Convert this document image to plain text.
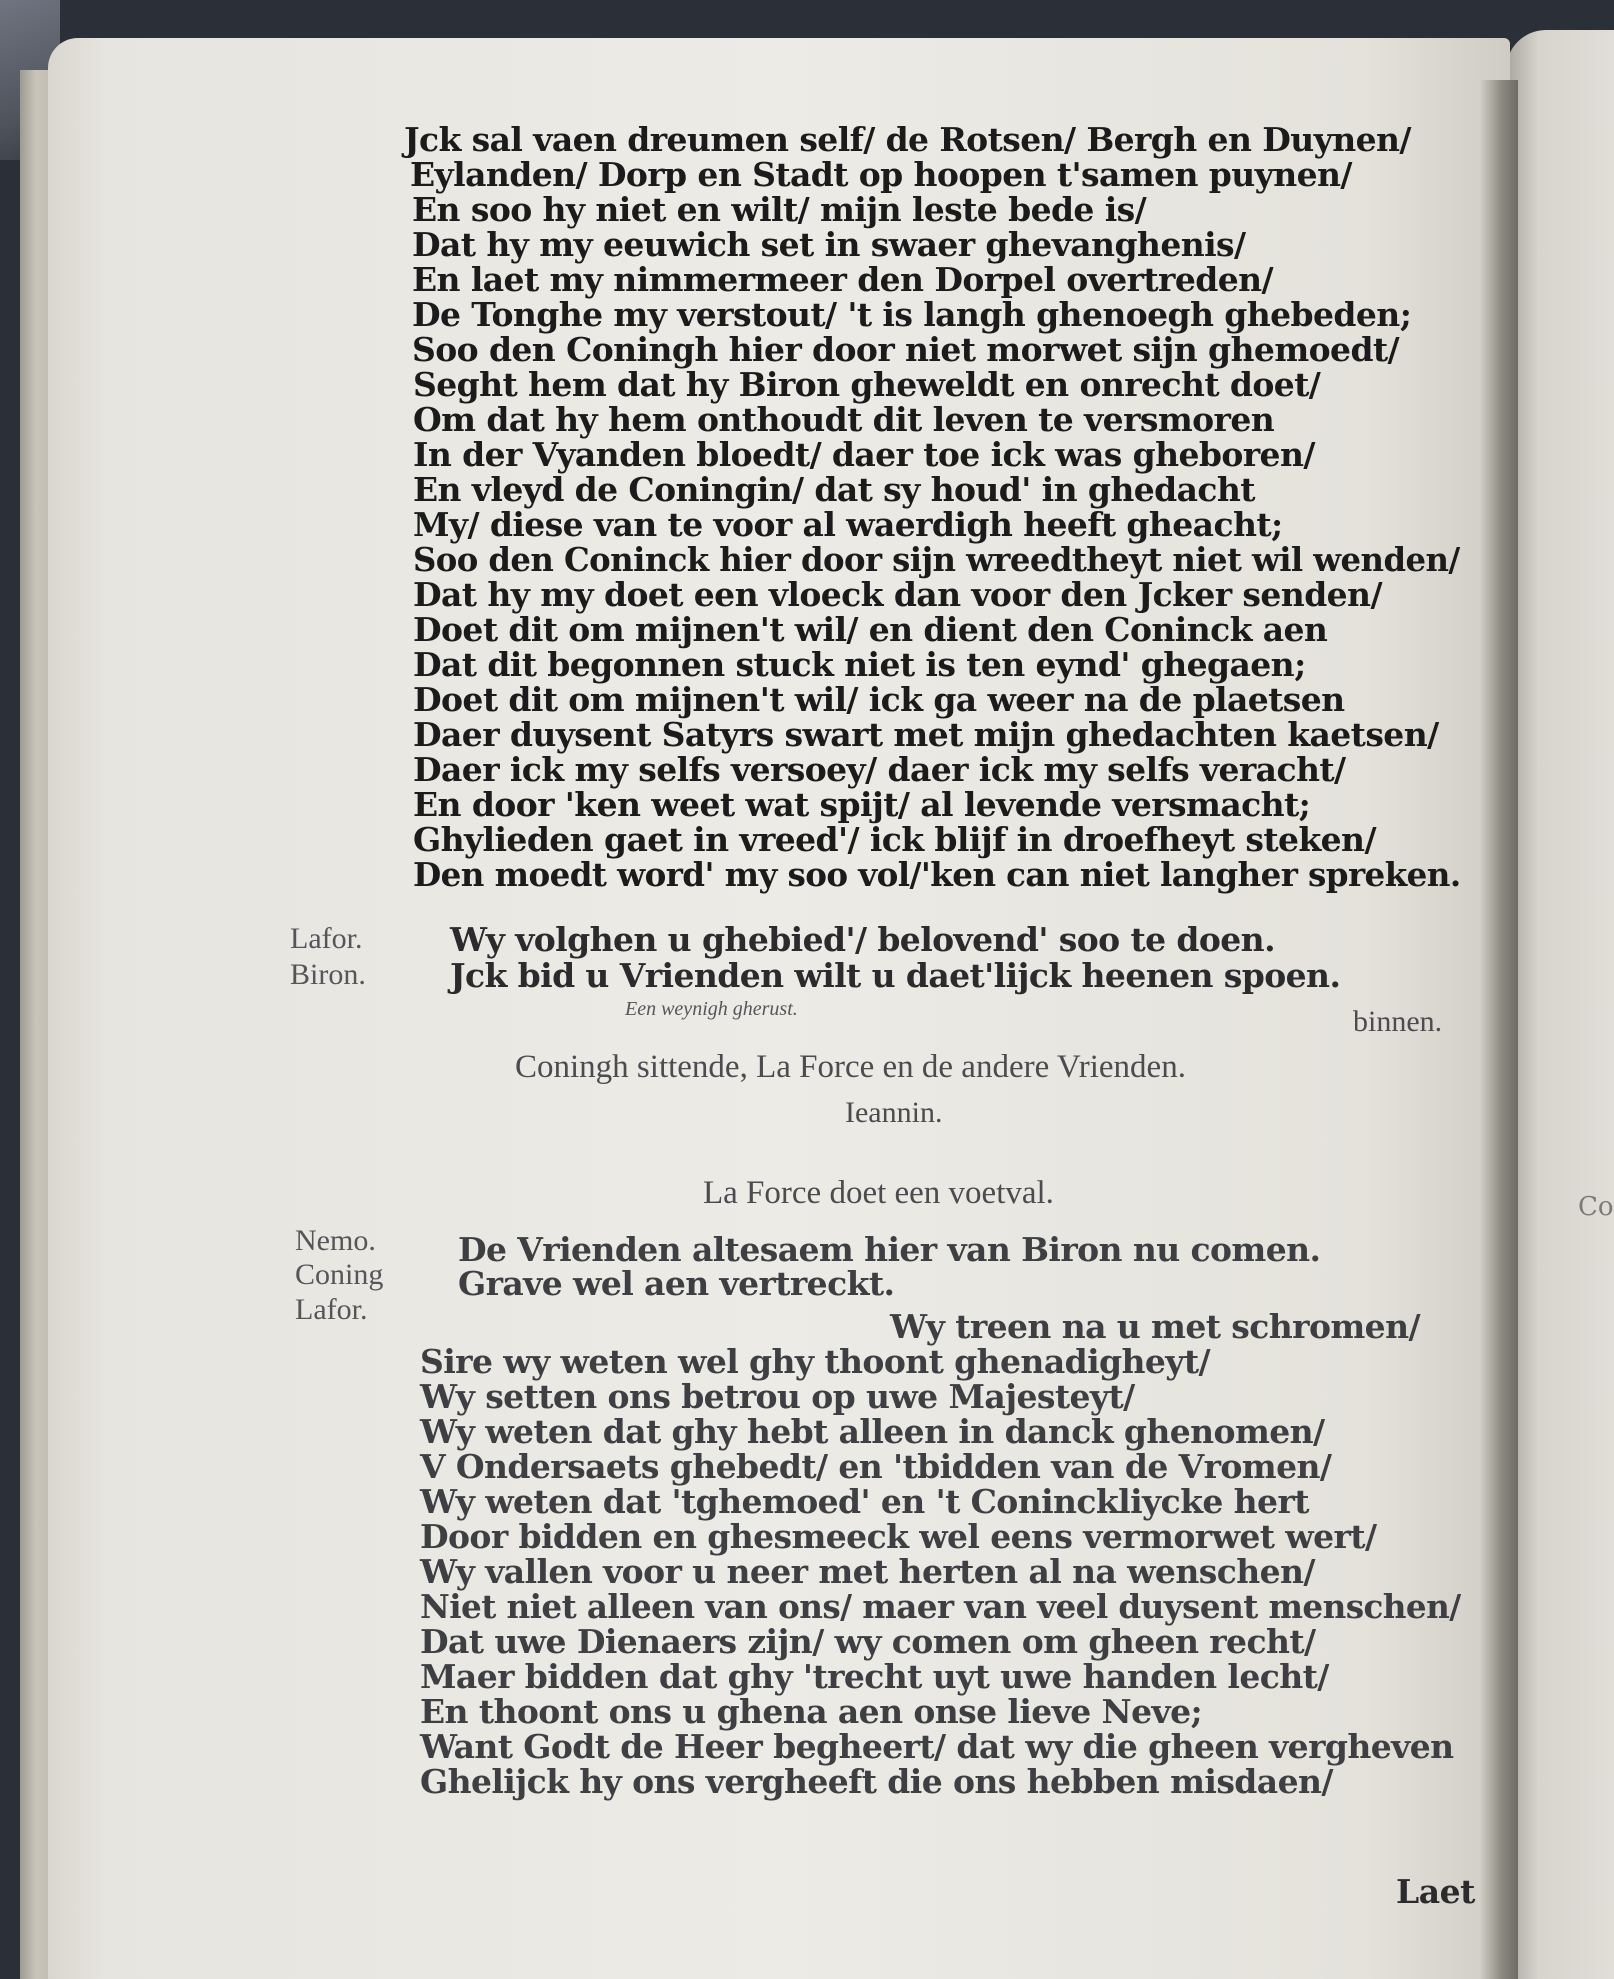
Co

Jck sal vaen dreumen self/ de Rotsen/ Bergh en Duynen/

Eylanden/ Dorp en Stadt op hoopen t'samen puynen/

En soo hy niet en wilt/ mijn leste bede is/

Dat hy my eeuwich set in swaer ghevanghenis/

En laet my nimmermeer den Dorpel overtreden/

De Tonghe my verstout/ 't is langh ghenoegh ghebeden;

Soo den Coningh hier door niet morwet sijn ghemoedt/

Seght hem dat hy Biron gheweldt en onrecht doet/

Om dat hy hem onthoudt dit leven te versmoren

In der Vyanden bloedt/ daer toe ick was gheboren/

En vleyd de Coningin/ dat sy houd' in ghedacht

My/ diese van te voor al waerdigh heeft gheacht;

Soo den Coninck hier door sijn wreedtheyt niet wil wenden/

Dat hy my doet een vloeck dan voor den Jcker senden/

Doet dit om mijnen't wil/ en dient den Coninck aen

Dat dit begonnen stuck niet is ten eynd' ghegaen;

Doet dit om mijnen't wil/ ick ga weer na de plaetsen

Daer duysent Satyrs swart met mijn ghedachten kaetsen/

Daer ick my selfs versoey/ daer ick my selfs veracht/

En door 'ken weet wat spijt/ al levende versmacht;

Ghylieden gaet in vreed'/ ick blijf in droefheyt steken/

Den moedt word' my soo vol/'ken can niet langher spreken.

Lafor.	Wy volghen u ghebied'/ belovend' soo te doen.

Biron.	Jck bid u Vrienden wilt u daet'lijck heenen spoen.

Een weynigh gherust.	binnen.

Coningh sittende, La Force en de andere Vrienden.

Ieannin.

La Force doet een voetval.

Nemo. De Vrienden altesaem hier van Biron nu comen.

Coning Grave wel aen vertreckt.

Lafor.	Wy treen na u met schromen/

Sire wy weten wel ghy thoont ghenadigheyt/

Wy setten ons betrou op uwe Majesteyt/

Wy weten dat ghy hebt alleen in danck ghenomen/

V Ondersaets ghebedt/ en 'tbidden van de Vromen/

Wy weten dat 'tghemoed' en 't Coninckliycke hert

Door bidden en ghesmeeck wel eens vermorwet wert/

Wy vallen voor u neer met herten al na wenschen/

Niet niet alleen van ons/ maer van veel duysent menschen/

Dat uwe Dienaers zijn/ wy comen om gheen recht/

Maer bidden dat ghy 'trecht uyt uwe handen lecht/

En thoont ons u ghena aen onse lieve Neve;

Want Godt de Heer begheert/ dat wy die gheen vergheven

Ghelijck hy ons vergheeft die ons hebben misdaen/

Laet
